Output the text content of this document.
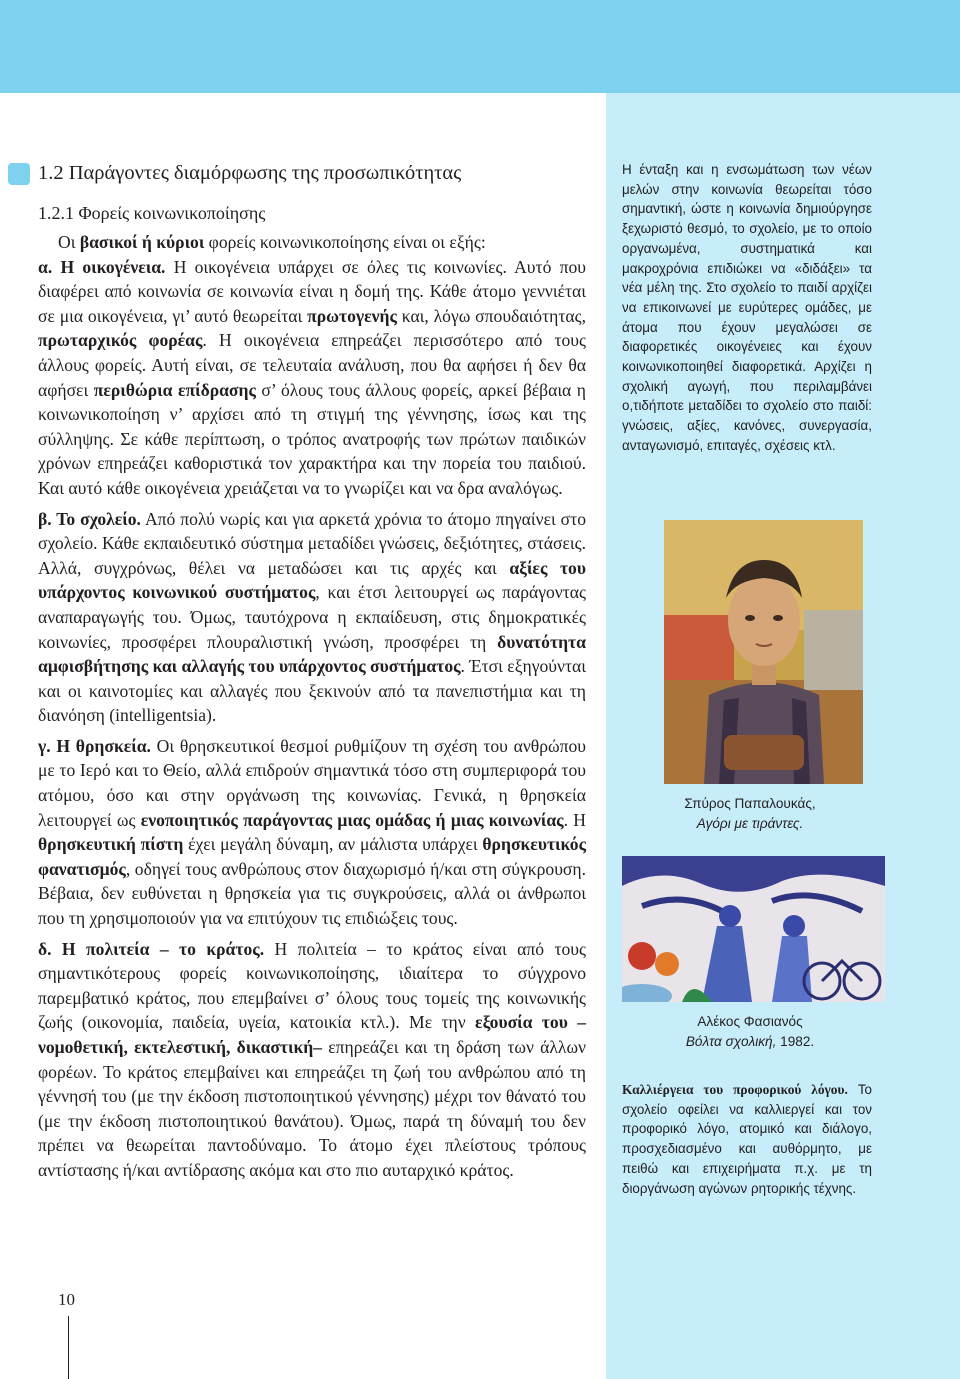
1.2 Παράγοντες διαμόρφωσης της προσωπικότητας
1.2.1 Φορείς κοινωνικοποίησης

Οι βασικοί ή κύριοι φορείς κοινωνικοποίησης είναι οι εξής:

α. Η οικογένεια. Η οικογένεια υπάρχει σε όλες τις κοινωνίες. Αυτό που διαφέρει από κοινωνία σε κοινωνία είναι η δομή της. Κάθε άτομο γεννιέται σε μια οικογένεια, γι’ αυτό θεωρείται πρωτογενής και, λόγω σπουδαιότητας, πρωταρχικός φορέας. Η οικογένεια επηρεάζει περισσότερο από τους άλλους φορείς. Αυτή είναι, σε τελευταία ανάλυση, που θα αφήσει ή δεν θα αφήσει περιθώρια επίδρασης σ’ όλους τους άλλους φορείς, αρκεί βέβαια η κοινωνικοποίηση ν’ αρχίσει από τη στιγμή της γέννησης, ίσως και της σύλληψης. Σε κάθε περίπτωση, ο τρόπος ανατροφής των πρώτων παιδικών χρόνων επηρεάζει καθοριστικά τον χαρακτήρα και την πορεία του παιδιού. Και αυτό κάθε οικογένεια χρειάζεται να το γνωρίζει και να δρα αναλόγως.

β. Το σχολείο. Από πολύ νωρίς και για αρκετά χρόνια το άτομο πηγαίνει στο σχολείο. Κάθε εκπαιδευτικό σύστημα μεταδίδει γνώσεις, δεξιότητες, στάσεις. Αλλά, συγχρόνως, θέλει να μεταδώσει και τις αρχές και αξίες του υπάρχοντος κοινωνικού συστήματος, και έτσι λειτουργεί ως παράγοντας αναπαραγωγής του. Όμως, ταυτόχρονα η εκπαίδευση, στις δημοκρατικές κοινωνίες, προσφέρει πλουραλιστική γνώση, προσφέρει τη δυνατότητα αμφισβήτησης και αλλαγής του υπάρχοντος συστήματος. Έτσι εξηγούνται και οι καινοτομίες και αλλαγές που ξεκινούν από τα πανεπιστήμια και τη διανόηση (intelligentsia).

γ. Η θρησκεία. Οι θρησκευτικοί θεσμοί ρυθμίζουν τη σχέση του ανθρώπου με το Ιερό και το Θείο, αλλά επιδρούν σημαντικά τόσο στη συμπεριφορά του ατόμου, όσο και στην οργάνωση της κοινωνίας. Γενικά, η θρησκεία λειτουργεί ως ενοποιητικός παράγοντας μιας ομάδας ή μιας κοινωνίας. Η θρησκευτική πίστη έχει μεγάλη δύναμη, αν μάλιστα υπάρχει θρησκευτικός φανατισμός, οδηγεί τους ανθρώπους στον διαχωρισμό ή/και στη σύγκρουση. Βέβαια, δεν ευθύνεται η θρησκεία για τις συγκρούσεις, αλλά οι άνθρωποι που τη χρησιμοποιούν για να επιτύχουν τις επιδιώξεις τους.

δ. Η πολιτεία – το κράτος. Η πολιτεία – το κράτος είναι από τους σημαντικότερους φορείς κοινωνικοποίησης, ιδιαίτερα το σύγχρονο παρεμβατικό κράτος, που επεμβαίνει σ’ όλους τους τομείς της κοινωνικής ζωής (οικονομία, παιδεία, υγεία, κατοικία κτλ.). Με την εξουσία του –νομοθετική, εκτελεστική, δικαστική– επηρεάζει και τη δράση των άλλων φορέων. Το κράτος επεμβαίνει και επηρεάζει τη ζωή του ανθρώπου από τη γέννησή του (με την έκδοση πιστοποιητικού γέννησης) μέχρι τον θάνατό του (με την έκδοση πιστοποιητικού θανάτου). Όμως, παρά τη δύναμή του δεν πρέπει να θεωρείται παντοδύναμο. Το άτομο έχει πλείστους τρόπους αντίστασης ή/και αντίδρασης ακόμα και στο πιο αυταρχικό κράτος.

Η ένταξη και η ενσωμάτωση των νέων μελών στην κοινωνία θεωρείται τόσο σημαντική, ώστε η κοινωνία δημιούργησε ξεχωριστό θεσμό, το σχολείο, με το οποίο οργανωμένα, συστηματικά και μακροχρόνια επιδιώκει να «διδάξει» τα νέα μέλη της. Στο σχολείο το παιδί αρχίζει να επικοινωνεί με ευρύτερες ομάδες, με άτομα που έχουν μεγαλώσει σε διαφορετικές οικογένειες και έχουν κοινωνικοποιηθεί διαφορετικά. Αρχίζει η σχολική αγωγή, που περιλαμβάνει ο,τιδήποτε μεταδίδει το σχολείο στο παιδί: γνώσεις, αξίες, κανόνες, συνεργασία, ανταγωνισμό, επιταγές, σχέσεις κτλ.

Σπύρος Παπαλουκάς,
Αγόρι με τιράντες.
Αλέκος Φασιανός
Βόλτα σχολική, 1982.

Καλλιέργεια του προφορικού λόγου. Το σχολείο οφείλει να καλλιεργεί και τον προφορικό λόγο, ατομικό και διάλογο, προσχεδιασμένο και αυθόρμητο, με πειθώ και επιχειρήματα π.χ. με τη διοργάνωση αγώνων ρητορικής τέχνης.

10
